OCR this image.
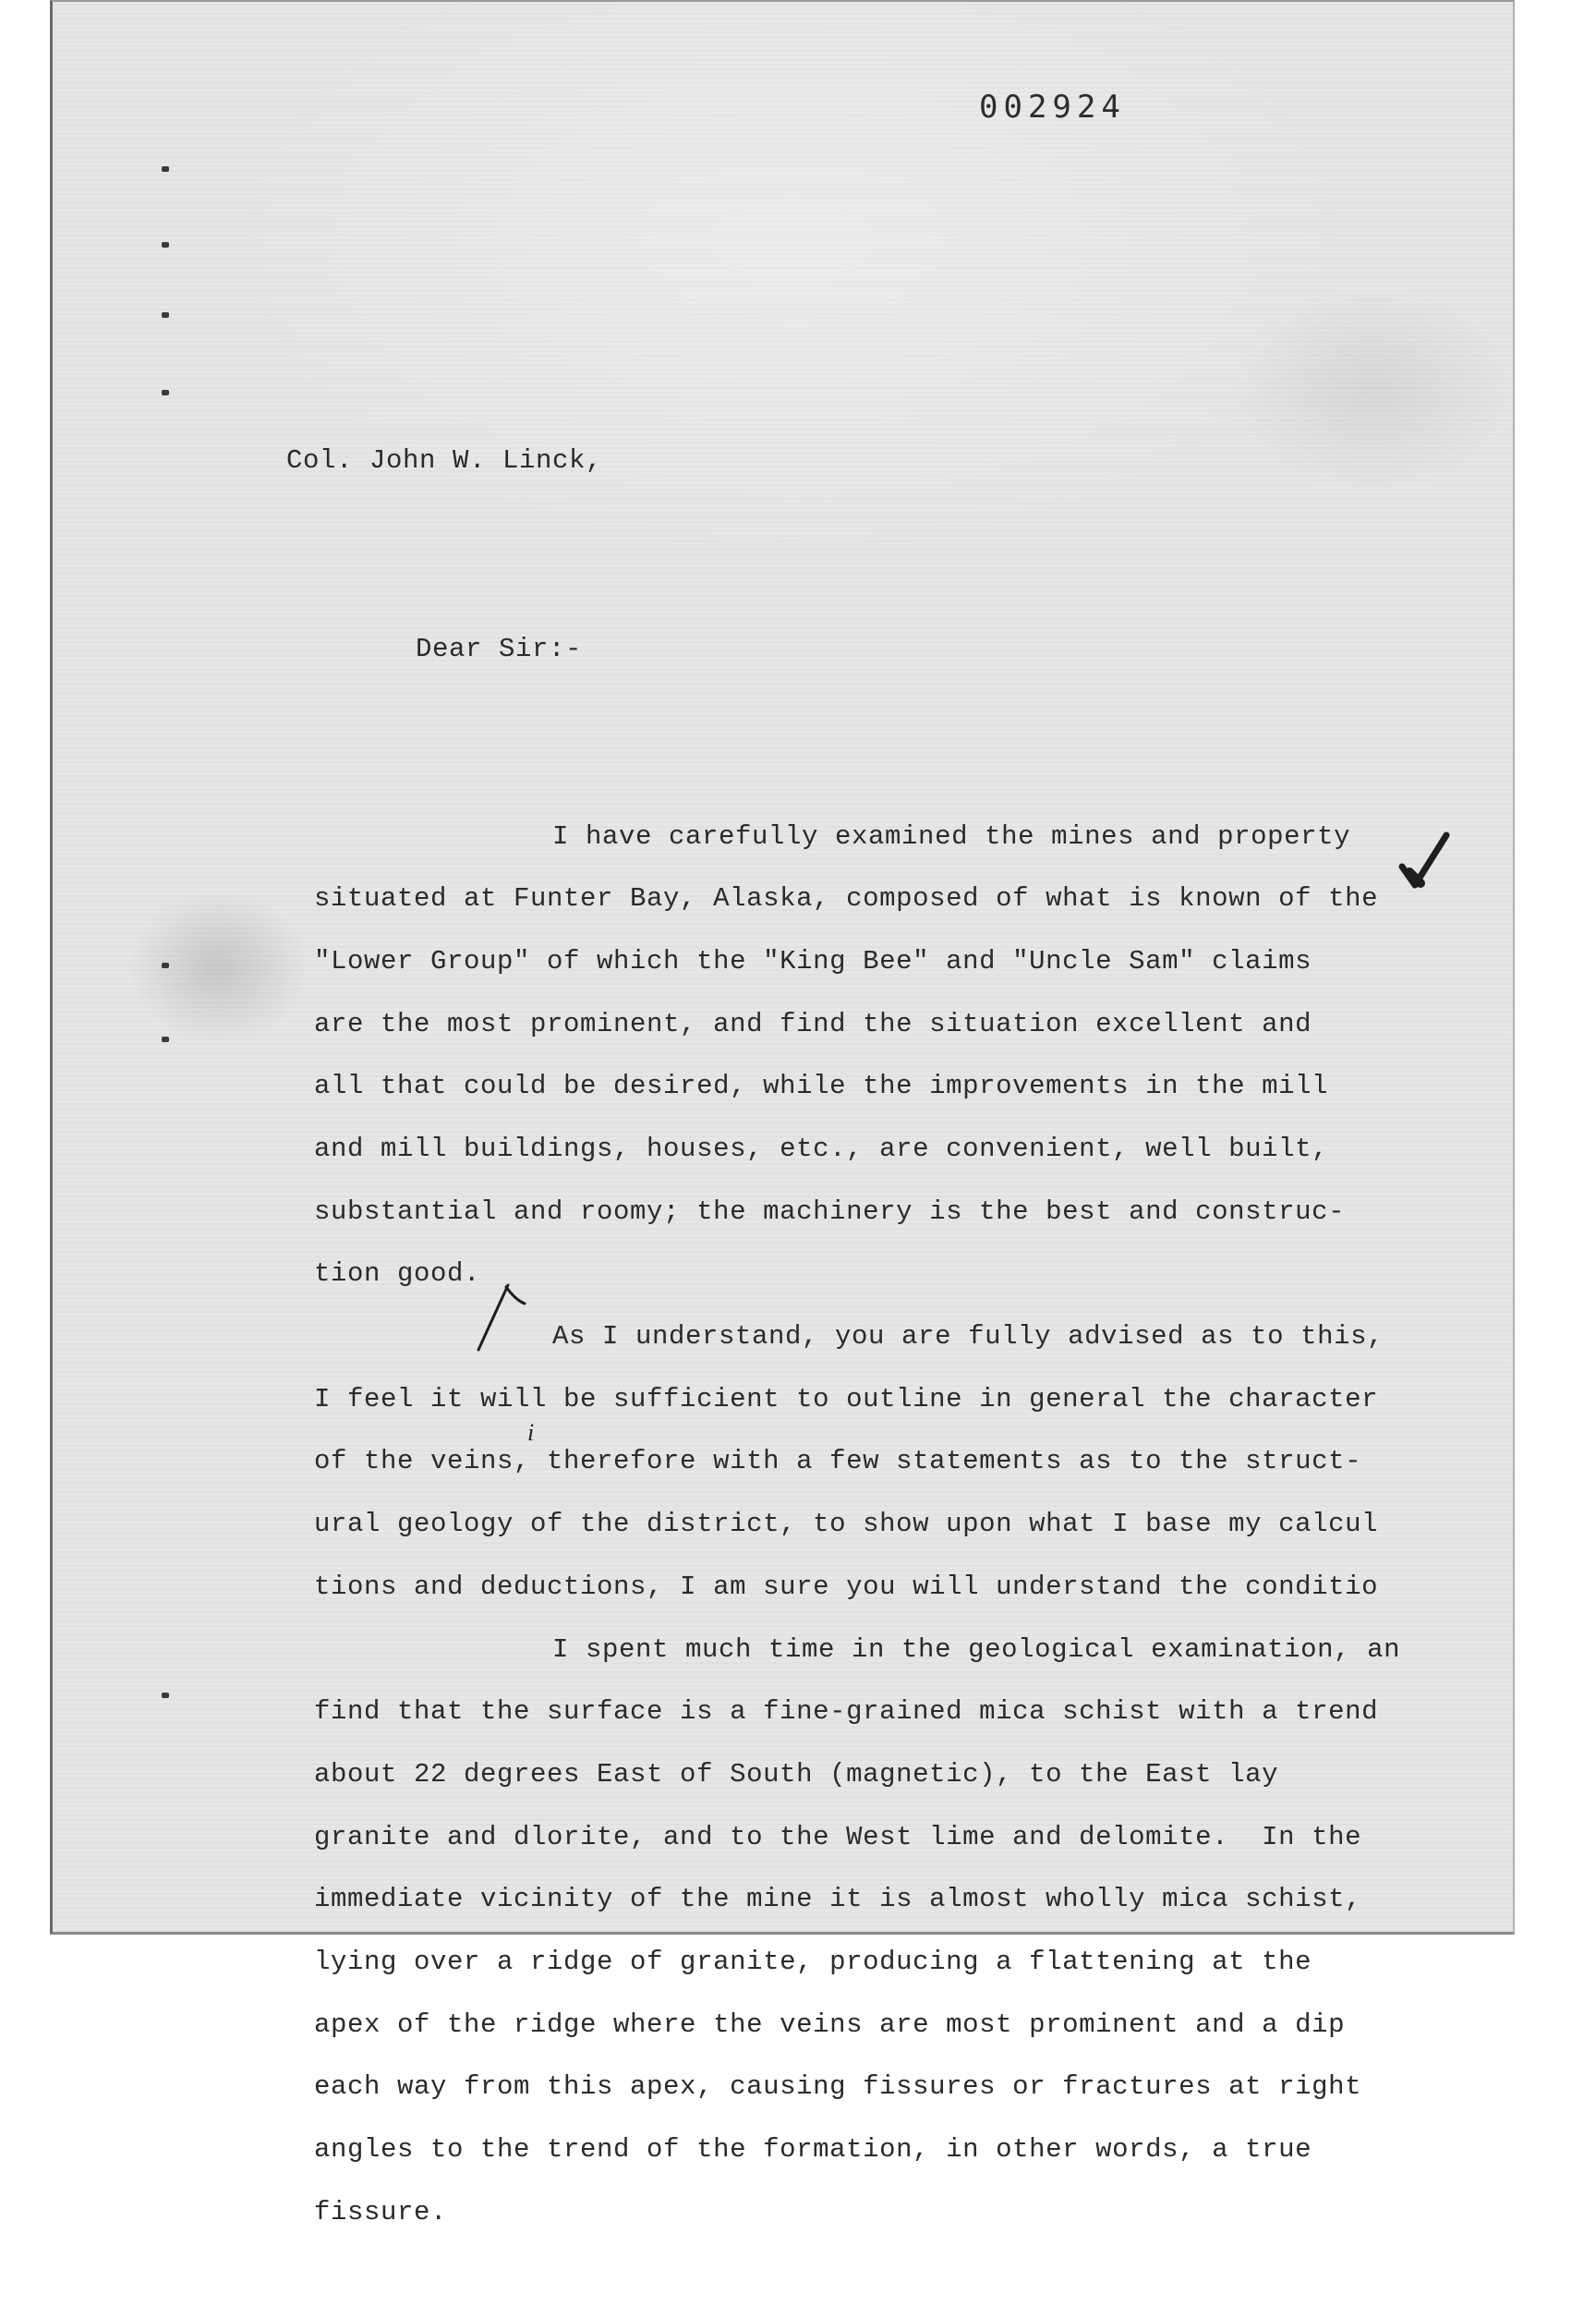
002924

Col. John W. Linck,

Dear Sir:-

I have carefully examined the mines and property
situated at Funter Bay, Alaska, composed of what is known of the
"Lower Group" of which the "King Bee" and "Uncle Sam" claims
are the most prominent, and find the situation excellent and
all that could be desired, while the improvements in the mill
and mill buildings, houses, etc., are convenient, well built,
substantial and roomy; the machinery is the best and construc-
tion good.
As I understand, you are fully advised as to this,
I feel it will be sufficient to outline in general the character
of the veins, therefore with a few statements as to the struct-
ural geology of the district, to show upon what I base my calcul
tions and deductions, I am sure you will understand the conditio
I spent much time in the geological examination, an
find that the surface is a fine-grained mica schist with a trend
about 22 degrees East of South (magnetic), to the East lay
granite and dlorite, and to the West lime and delomite.  In the
immediate vicinity of the mine it is almost wholly mica schist,
lying over a ridge of granite, producing a flattening at the
apex of the ridge where the veins are most prominent and a dip
each way from this apex, causing fissures or fractures at right
angles to the trend of the formation, in other words, a true
fissure.

i
